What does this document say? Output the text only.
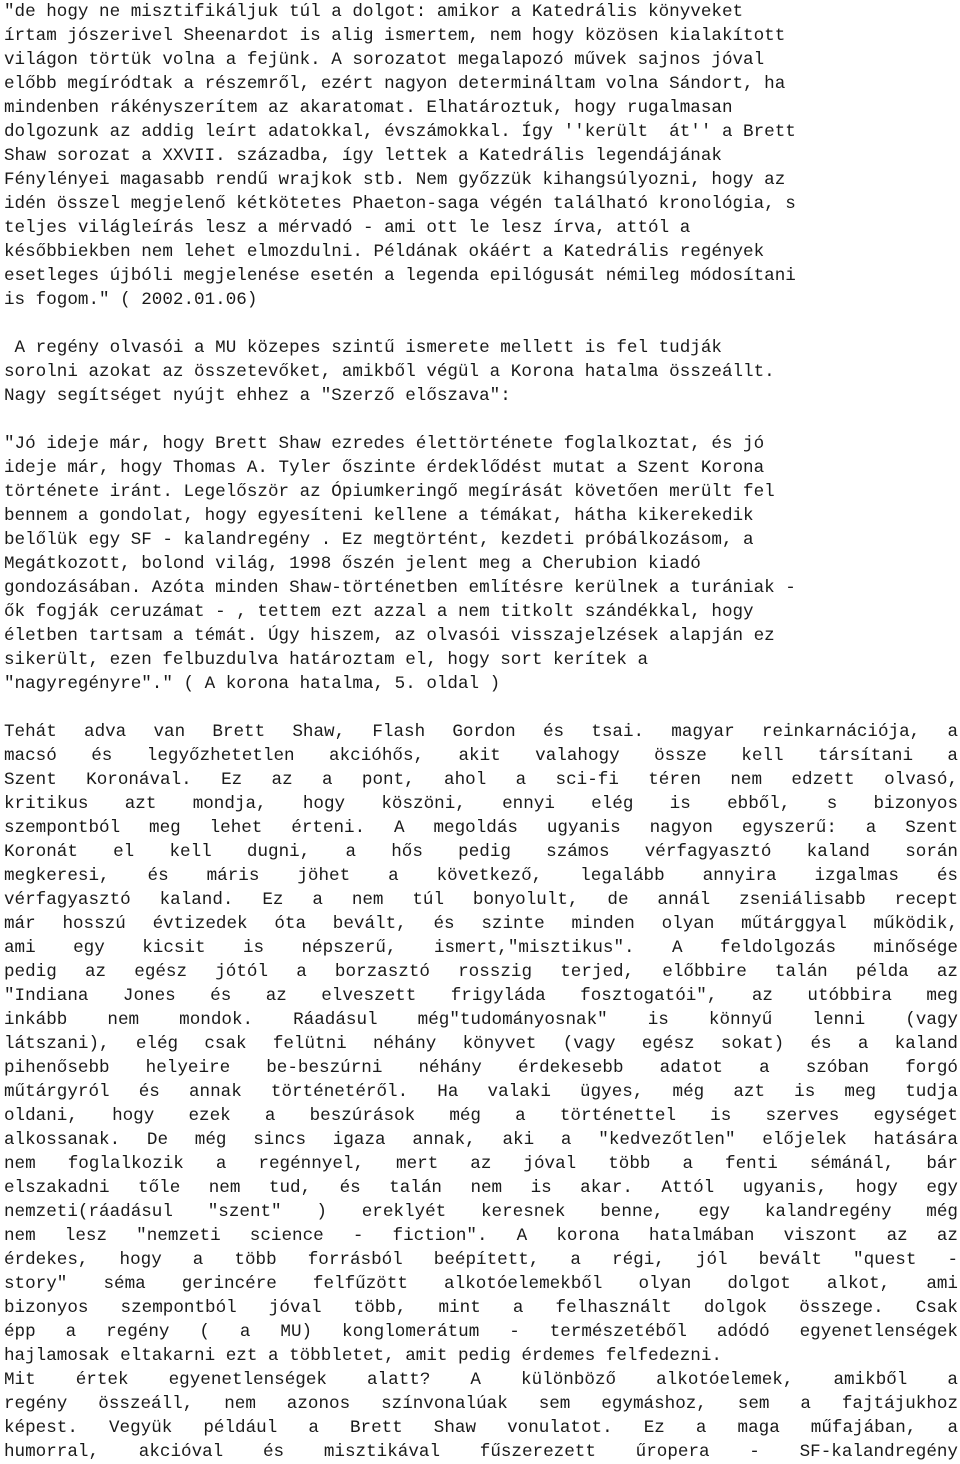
"de hogy ne misztifikáljuk túl a dolgot: amikor a Katedrális könyveket
írtam jószerivel Sheenardot is alig ismertem, nem hogy közösen kialakított
világon törtük volna a fejünk. A sorozatot megalapozó művek sajnos jóval
előbb megíródtak a részemről, ezért nagyon determináltam volna Sándort, ha
mindenben rákényszerítem az akaratomat. Elhatároztuk, hogy rugalmasan
dolgozunk az addig leírt adatokkal, évszámokkal. Így ''került  át'' a Brett
Shaw sorozat a XXVII. századba, így lettek a Katedrális legendájának
Fénylényei magasabb rendű wrajkok stb. Nem győzzük kihangsúlyozni, hogy az
idén összel megjelenő kétkötetes Phaeton-saga végén található kronológia, s
teljes világleírás lesz a mérvadó - ami ott le lesz írva, attól a
későbbiekben nem lehet elmozdulni. Példának okáért a Katedrális regények
esetleges újbóli megjelenése esetén a legenda epilógusát némileg módosítani
is fogom." ( 2002.01.06)
A regény olvasói a MU közepes szintű ismerete mellett is fel tudják
sorolni azokat az összetevőket, amikből végül a Korona hatalma összeállt.
Nagy segítséget nyújt ehhez a "Szerző előszava":
"Jó ideje már, hogy Brett Shaw ezredes élettörténete foglalkoztat, és jó
ideje már, hogy Thomas A. Tyler őszinte érdeklődést mutat a Szent Korona
története iránt. Legelőször az Ópiumkeringő megírását követően merült fel
bennem a gondolat, hogy egyesíteni kellene a témákat, hátha kikerekedik
belőlük egy SF - kalandregény . Ez megtörtént, kezdeti próbálkozásom, a
Megátkozott, bolond világ, 1998 őszén jelent meg a Cherubion kiadó
gondozásában. Azóta minden Shaw-történetben említésre kerülnek a turániak -
ők fogják ceruzámat - , tettem ezt azzal a nem titkolt szándékkal, hogy
életben tartsam a témát. Úgy hiszem, az olvasói visszajelzések alapján ez
sikerült, ezen felbuzdulva határoztam el, hogy sort kerítek a
"nagyregényre"." ( A korona hatalma, 5. oldal )
Tehát adva van Brett Shaw, Flash Gordon és tsai. magyar reinkarnációja, a
macsó és legyőzhetetlen akcióhős, akit valahogy össze kell társítani a
Szent Koronával. Ez az a pont, ahol a sci-fi téren nem edzett olvasó,
kritikus azt mondja, hogy köszöni, ennyi elég is ebből, s bizonyos
szempontból meg lehet érteni. A megoldás ugyanis nagyon egyszerű: a Szent
Koronát el kell dugni, a hős pedig számos vérfagyasztó kaland során
megkeresi, és máris jöhet a következő, legalább annyira izgalmas és
vérfagyasztó kaland. Ez a nem túl bonyolult, de annál zseniálisabb recept
már hosszú évtizedek óta bevált, és szinte minden olyan műtárggyal működik,
ami egy kicsit is népszerű, ismert,"misztikus". A feldolgozás minősége
pedig az egész jótól a borzasztó rosszig terjed, előbbire talán példa az
"Indiana Jones és az elveszett frigyláda fosztogatói", az utóbbira meg
inkább nem mondok. Ráadásul még"tudományosnak" is könnyű lenni (vagy
látszani), elég csak felütni néhány könyvet (vagy egész sokat) és a kaland
pihenősebb helyeire be-beszúrni néhány érdekesebb adatot a szóban forgó
műtárgyról és annak történetéről. Ha valaki ügyes, még azt is meg tudja
oldani, hogy ezek a beszúrások még a történettel is szerves egységet
alkossanak. De még sincs igaza annak, aki a "kedvezőtlen" előjelek hatására
nem foglalkozik a regénnyel, mert az jóval több a fenti sémánál, bár
elszakadni tőle nem tud, és talán nem is akar. Attól ugyanis, hogy egy
nemzeti(ráadásul "szent" ) ereklyét keresnek benne, egy kalandregény még
nem lesz "nemzeti science - fiction". A korona hatalmában viszont az az
érdekes, hogy a több forrásból beépített, a régi, jól bevált "quest -
story" séma gerincére felfűzött alkotóelemekből olyan dolgot alkot, ami
bizonyos szempontból jóval több, mint a felhasznált dolgok összege. Csak
épp a regény ( a MU) konglomerátum - természetéből adódó egyenetlenségek
hajlamosak eltakarni ezt a többletet, amit pedig érdemes felfedezni.
Mit értek egyenetlenségek alatt? A különböző alkotóelemek, amikből a
regény összeáll, nem azonos színvonalúak sem egymáshoz, sem a fajtájukhoz
képest. Vegyük például a Brett Shaw vonulatot. Ez a maga műfajában, a
humorral, akcióval és misztikával fűszerezett űropera - SF-kalandregény
